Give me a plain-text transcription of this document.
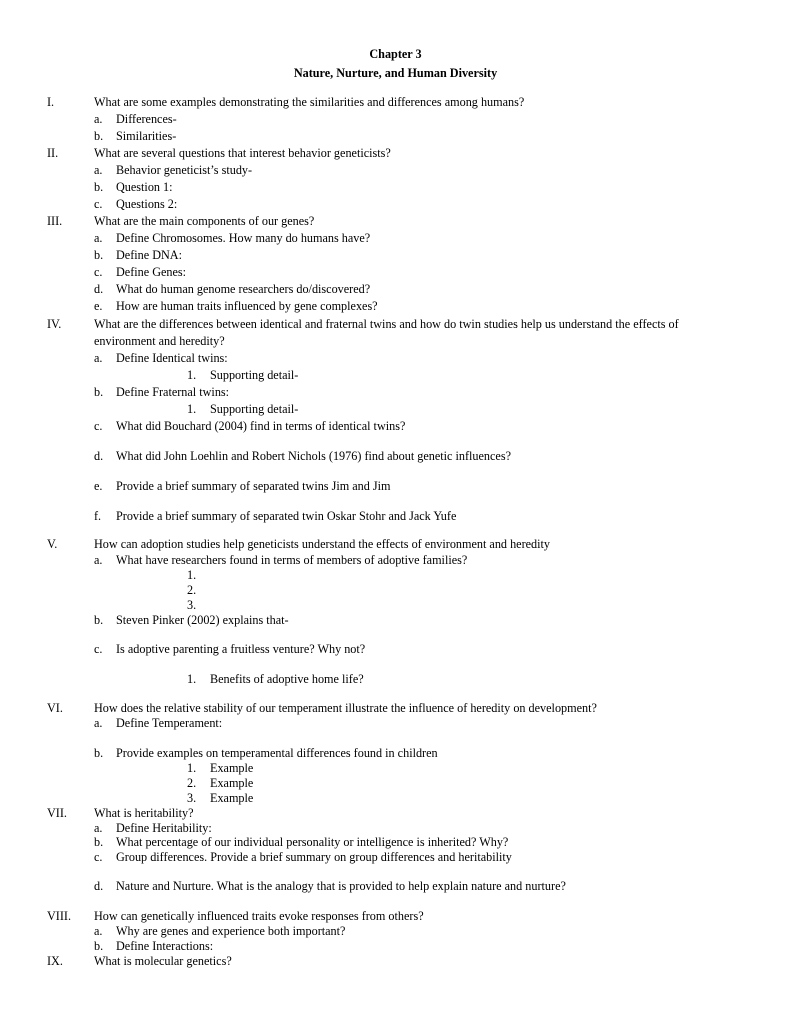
Chapter 3
Nature, Nurture, and Human Diversity
I.	What are some examples demonstrating the similarities and differences among humans?
a. Differences-
b. Similarities-
II.	What are several questions that interest behavior geneticists?
a. Behavior geneticist’s study-
b. Question 1:
c. Questions 2:
III.	What are the main components of our genes?
a. Define Chromosomes. How many do humans have?
b. Define DNA:
c. Define Genes:
d. What do human genome researchers do/discovered?
e. How are human traits influenced by gene complexes?
IV.	What are the differences between identical and fraternal twins and how do twin studies help us understand the effects of
environment and heredity?
a. Define Identical twins:
1. Supporting detail-
b. Define Fraternal twins:
1. Supporting detail-
c. What did Bouchard (2004) find in terms of identical twins?
d. What did John Loehlin and Robert Nichols (1976) find about genetic influences?
e. Provide a brief summary of separated twins Jim and Jim
f. Provide a brief summary of separated twin Oskar Stohr and Jack Yufe
V.	How can adoption studies help geneticists understand the effects of environment and heredity
a. What have researchers found in terms of members of adoptive families?
1.
2.
3.
b. Steven Pinker (2002) explains that-
c. Is adoptive parenting a fruitless venture? Why not?
1. Benefits of adoptive home life?
VI.	How does the relative stability of our temperament illustrate the influence of heredity on development?
a. Define Temperament:
b. Provide examples on temperamental differences found in children
1. Example
2. Example
3. Example
VII. What is heritability?
a. Define Heritability:
b. What percentage of our individual personality or intelligence is inherited? Why?
c. Group differences. Provide a brief summary on group differences and heritability
d. Nature and Nurture. What is the analogy that is provided to help explain nature and nurture?
VIII. How can genetically influenced traits evoke responses from others?
a. Why are genes and experience both important?
b. Define Interactions:
IX.	What is molecular genetics?
